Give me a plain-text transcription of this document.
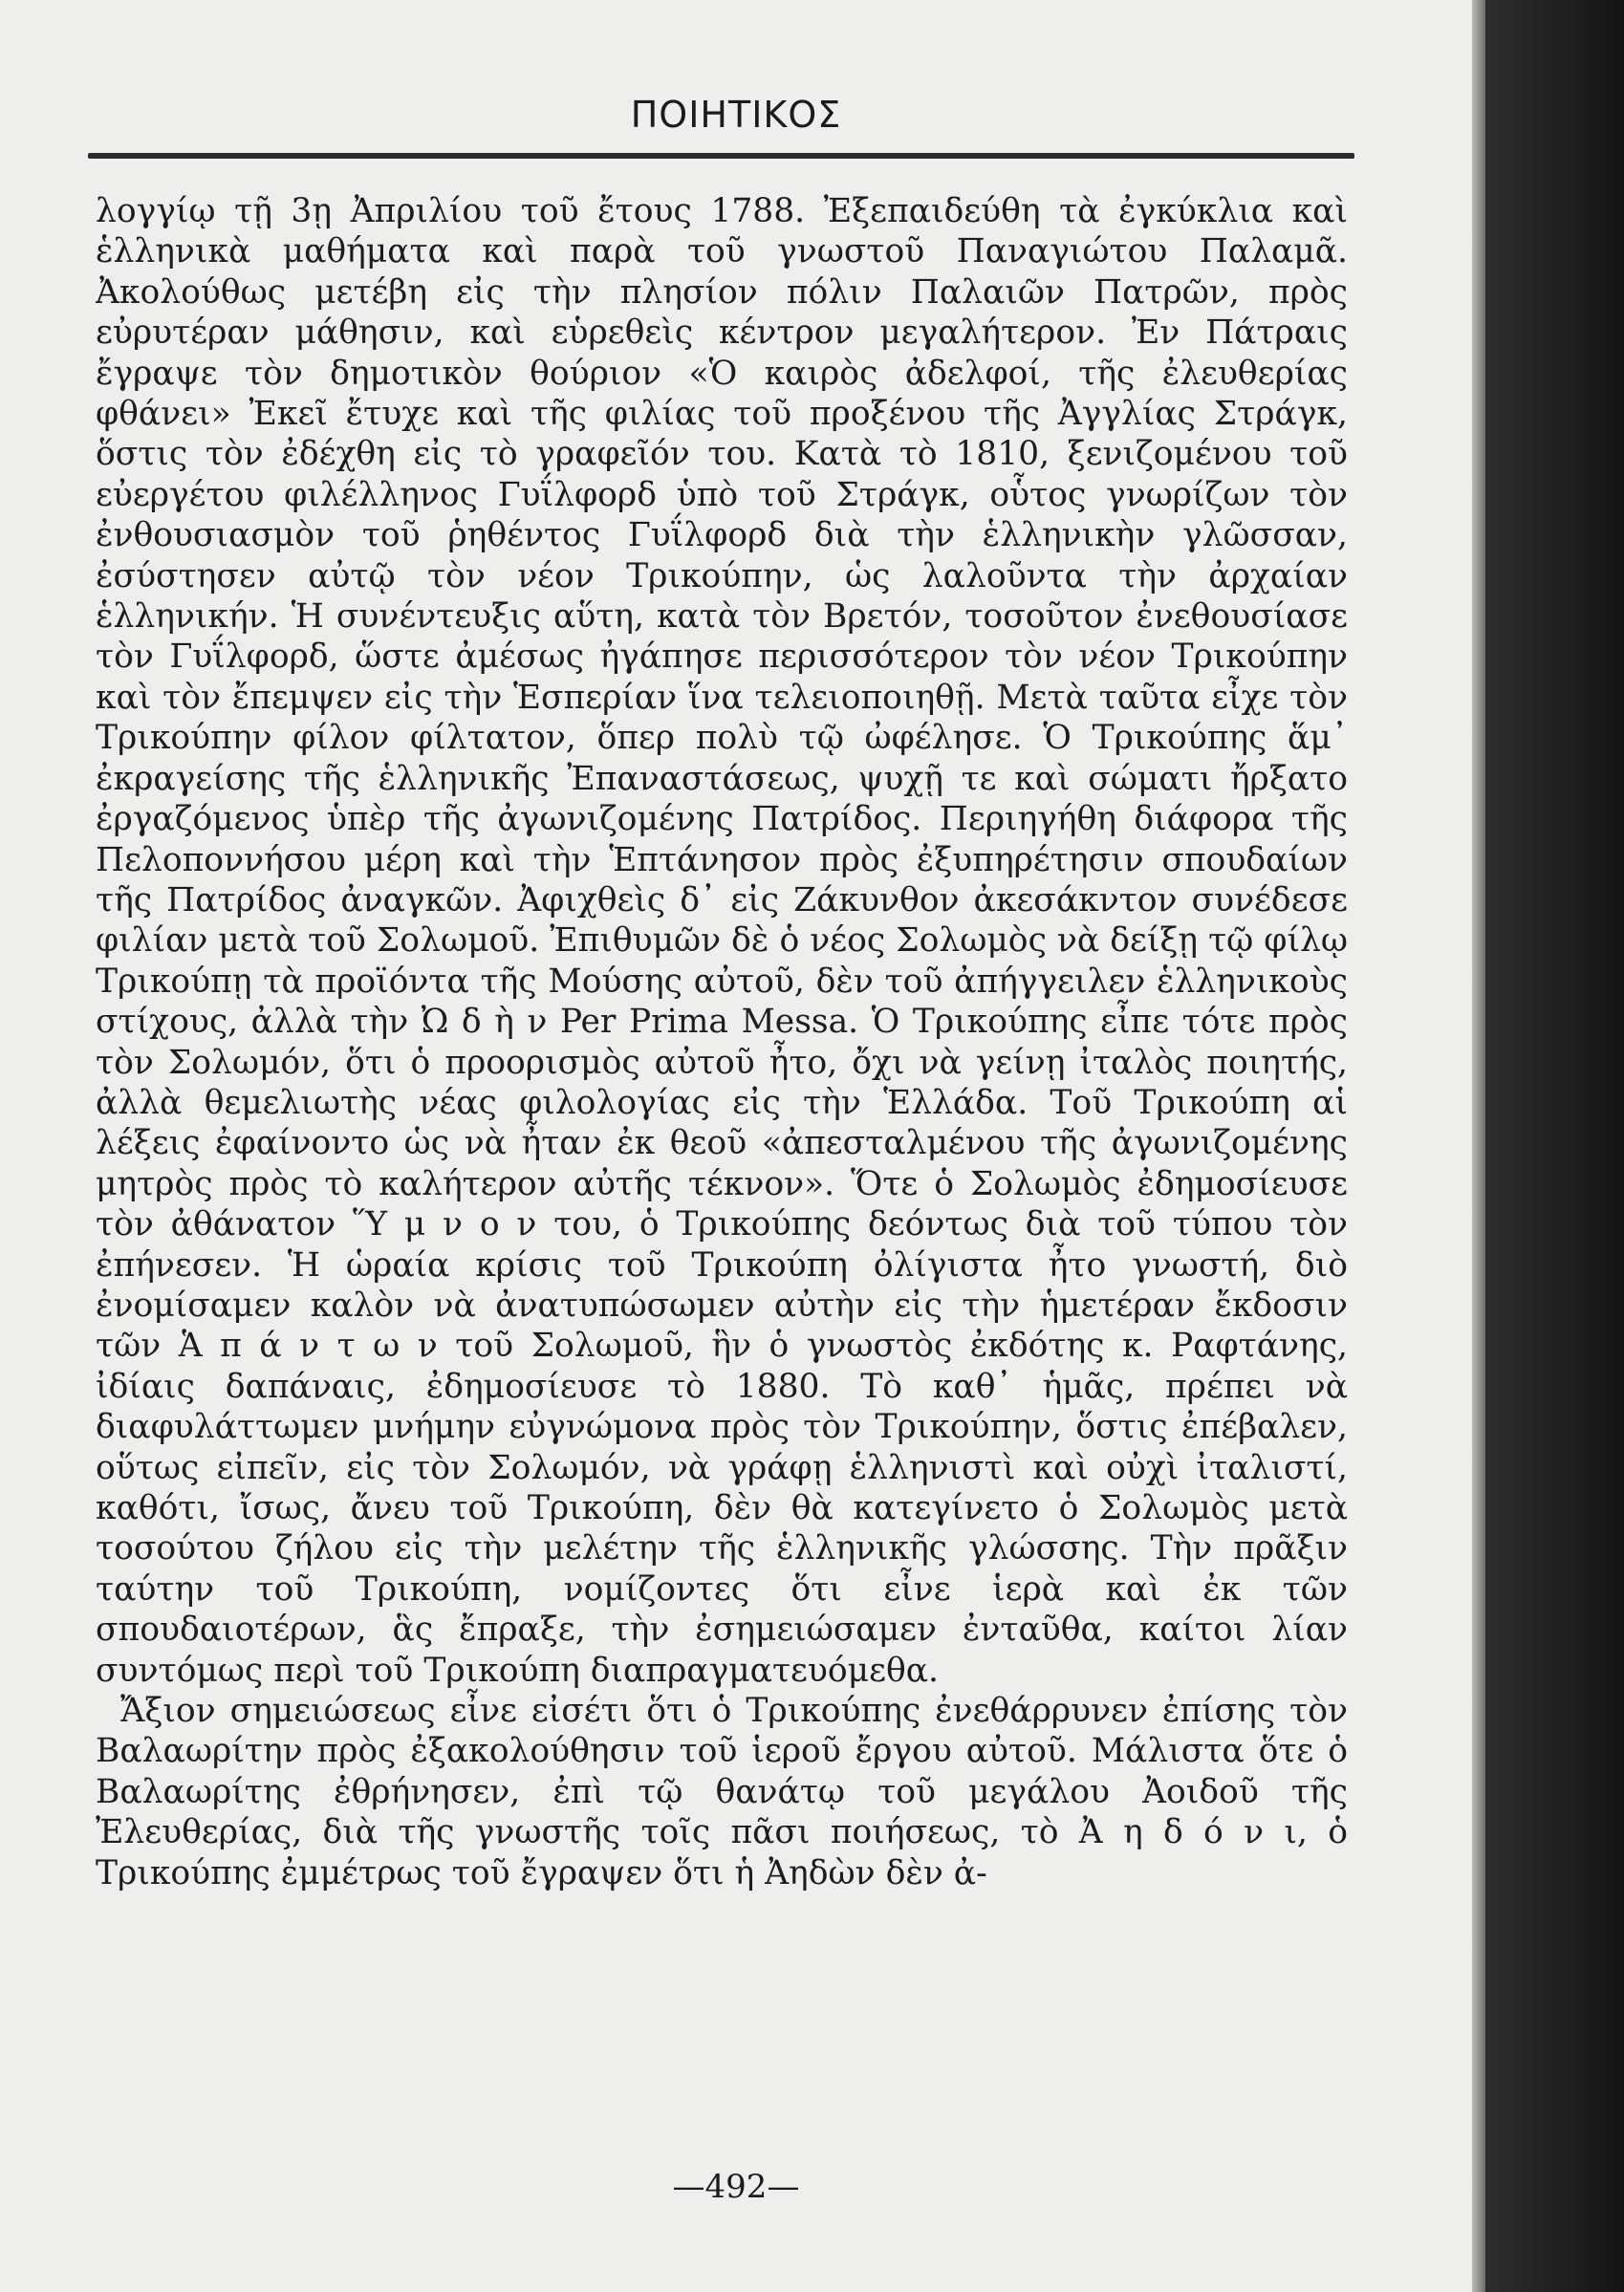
ΠΟΙΗΤΙΚΟΣ

λογγίῳ τῇ 3ῃ Ἀπριλίου τοῦ ἔτους 1788. Ἐξεπαιδεύθη τὰ ἐγκύκλια καὶ ἑλληνικὰ μαθήματα καὶ παρὰ τοῦ γνωστοῦ Παναγιώτου Παλαμᾶ. Ἀκολούθως μετέβη εἰς τὴν πλησίον πόλιν Παλαιῶν Πατρῶν, πρὸς εὐρυτέραν μάθησιν, καὶ εὑρεθεὶς κέντρον μεγαλήτερον. Ἐν Πάτραις ἔγραψε τὸν δημοτικὸν θούριον «Ὁ καιρὸς ἀδελφοί, τῆς ἐλευθερίας φθάνει» Ἐκεῖ ἔτυχε καὶ τῆς φιλίας τοῦ προξένου τῆς Ἀγγλίας Στράγκ, ὅστις τὸν ἐδέχθη εἰς τὸ γραφεῖόν του. Κατὰ τὸ 1810, ξενιζομένου τοῦ εὐεργέτου φιλέλληνος Γυΐλφορδ ὑπὸ τοῦ Στράγκ, οὗτος γνωρίζων τὸν ἐνθουσιασμὸν τοῦ ῥηθέντος Γυΐλφορδ διὰ τὴν ἑλληνικὴν γλῶσσαν, ἐσύστησεν αὐτῷ τὸν νέον Τρικούπην, ὡς λαλοῦντα τὴν ἀρχαίαν ἑλληνικήν. Ἡ συνέντευξις αὕτη, κατὰ τὸν Βρετόν, τοσοῦτον ἐνεθουσίασε τὸν Γυΐλφορδ, ὥστε ἀμέσως ἠγάπησε περισσότερον τὸν νέον Τρικούπην καὶ τὸν ἔπεμψεν εἰς τὴν Ἑσπερίαν ἵνα τελειοποιηθῇ. Μετὰ ταῦτα εἶχε τὸν Τρικούπην φίλον φίλτατον, ὅπερ πολὺ τῷ ὠφέλησε. Ὁ Τρικούπης ἅμ᾽ ἐκραγείσης τῆς ἑλληνικῆς Ἐπαναστάσεως, ψυχῇ τε καὶ σώματι ἤρξατο ἐργαζόμενος ὑπὲρ τῆς ἀγωνιζομένης Πατρίδος. Περιηγήθη διάφορα τῆς Πελοποννήσου μέρη καὶ τὴν Ἑπτάνησον πρὸς ἐξυπηρέτησιν σπουδαίων τῆς Πατρίδος ἀναγκῶν. Ἀφιχθεὶς δ᾽ εἰς Ζάκυνθον ἀκεσάκντον συνέδεσε φιλίαν μετὰ τοῦ Σολωμοῦ. Ἐπιθυμῶν δὲ ὁ νέος Σολωμὸς νὰ δείξῃ τῷ φίλῳ Τρικούπῃ τὰ προϊόντα τῆς Μούσης αὐτοῦ, δὲν τοῦ ἀπήγγειλεν ἑλληνικοὺς στίχους, ἀλλὰ τὴν Ὠ δ ὴ ν Per Prima Messa. Ὁ Τρικούπης εἶπε τότε πρὸς τὸν Σολωμόν, ὅτι ὁ προορισμὸς αὐτοῦ ἦτο, ὄχι νὰ γείνῃ ἰταλὸς ποιητής, ἀλλὰ θεμελιωτὴς νέας φιλολογίας εἰς τὴν Ἑλλάδα. Τοῦ Τρικούπη αἱ λέξεις ἐφαίνοντο ὡς νὰ ἦταν ἐκ θεοῦ «ἀπεσταλμένου τῆς ἀγωνιζομένης μητρὸς πρὸς τὸ καλήτερον αὐτῆς τέκνον». Ὅτε ὁ Σολωμὸς ἐδημοσίευσε τὸν ἀθάνατον Ὕ μ ν ο ν του, ὁ Τρικούπης δεόντως διὰ τοῦ τύπου τὸν ἐπήνεσεν. Ἡ ὡραία κρίσις τοῦ Τρικούπη ὀλίγιστα ἦτο γνωστή, διὸ ἐνομίσαμεν καλὸν νὰ ἀνατυπώσωμεν αὐτὴν εἰς τὴν ἡμετέραν ἔκδοσιν τῶν Ἁ π ά ν τ ω ν τοῦ Σολωμοῦ, ἣν ὁ γνωστὸς ἐκδότης κ. Ραφτάνης, ἰδίαις δαπάναις, ἐδημοσίευσε τὸ 1880. Τὸ καθ᾽ ἡμᾶς, πρέπει νὰ διαφυλάττωμεν μνήμην εὐγνώμονα πρὸς τὸν Τρικούπην, ὅστις ἐπέβαλεν, οὕτως εἰπεῖν, εἰς τὸν Σολωμόν, νὰ γράφῃ ἑλληνιστὶ καὶ οὐχὶ ἰταλιστί, καθότι, ἴσως, ἄνευ τοῦ Τρικούπη, δὲν θὰ κατεγίνετο ὁ Σολωμὸς μετὰ τοσούτου ζήλου εἰς τὴν μελέτην τῆς ἑλληνικῆς γλώσσης. Τὴν πρᾶξιν ταύτην τοῦ Τρικούπη, νομίζοντες ὅτι εἶνε ἱερὰ καὶ ἐκ τῶν σπουδαιοτέρων, ἃς ἔπραξε, τὴν ἐσημειώσαμεν ἐνταῦθα, καίτοι λίαν συντόμως περὶ τοῦ Τρικούπη διαπραγματευόμεθα.

Ἄξιον σημειώσεως εἶνε εἰσέτι ὅτι ὁ Τρικούπης ἐνεθάρρυνεν ἐπίσης τὸν Βαλαωρίτην πρὸς ἐξακολούθησιν τοῦ ἱεροῦ ἔργου αὐτοῦ. Μάλιστα ὅτε ὁ Βαλαωρίτης ἐθρήνησεν, ἐπὶ τῷ θανάτῳ τοῦ μεγάλου Ἀοιδοῦ τῆς Ἐλευθερίας, διὰ τῆς γνωστῆς τοῖς πᾶσι ποιήσεως, τὸ Ἀ η δ ό ν ι, ὁ Τρικούπης ἐμμέτρως τοῦ ἔγραψεν ὅτι ἡ Ἀηδὼν δὲν ἀ-

—492—
